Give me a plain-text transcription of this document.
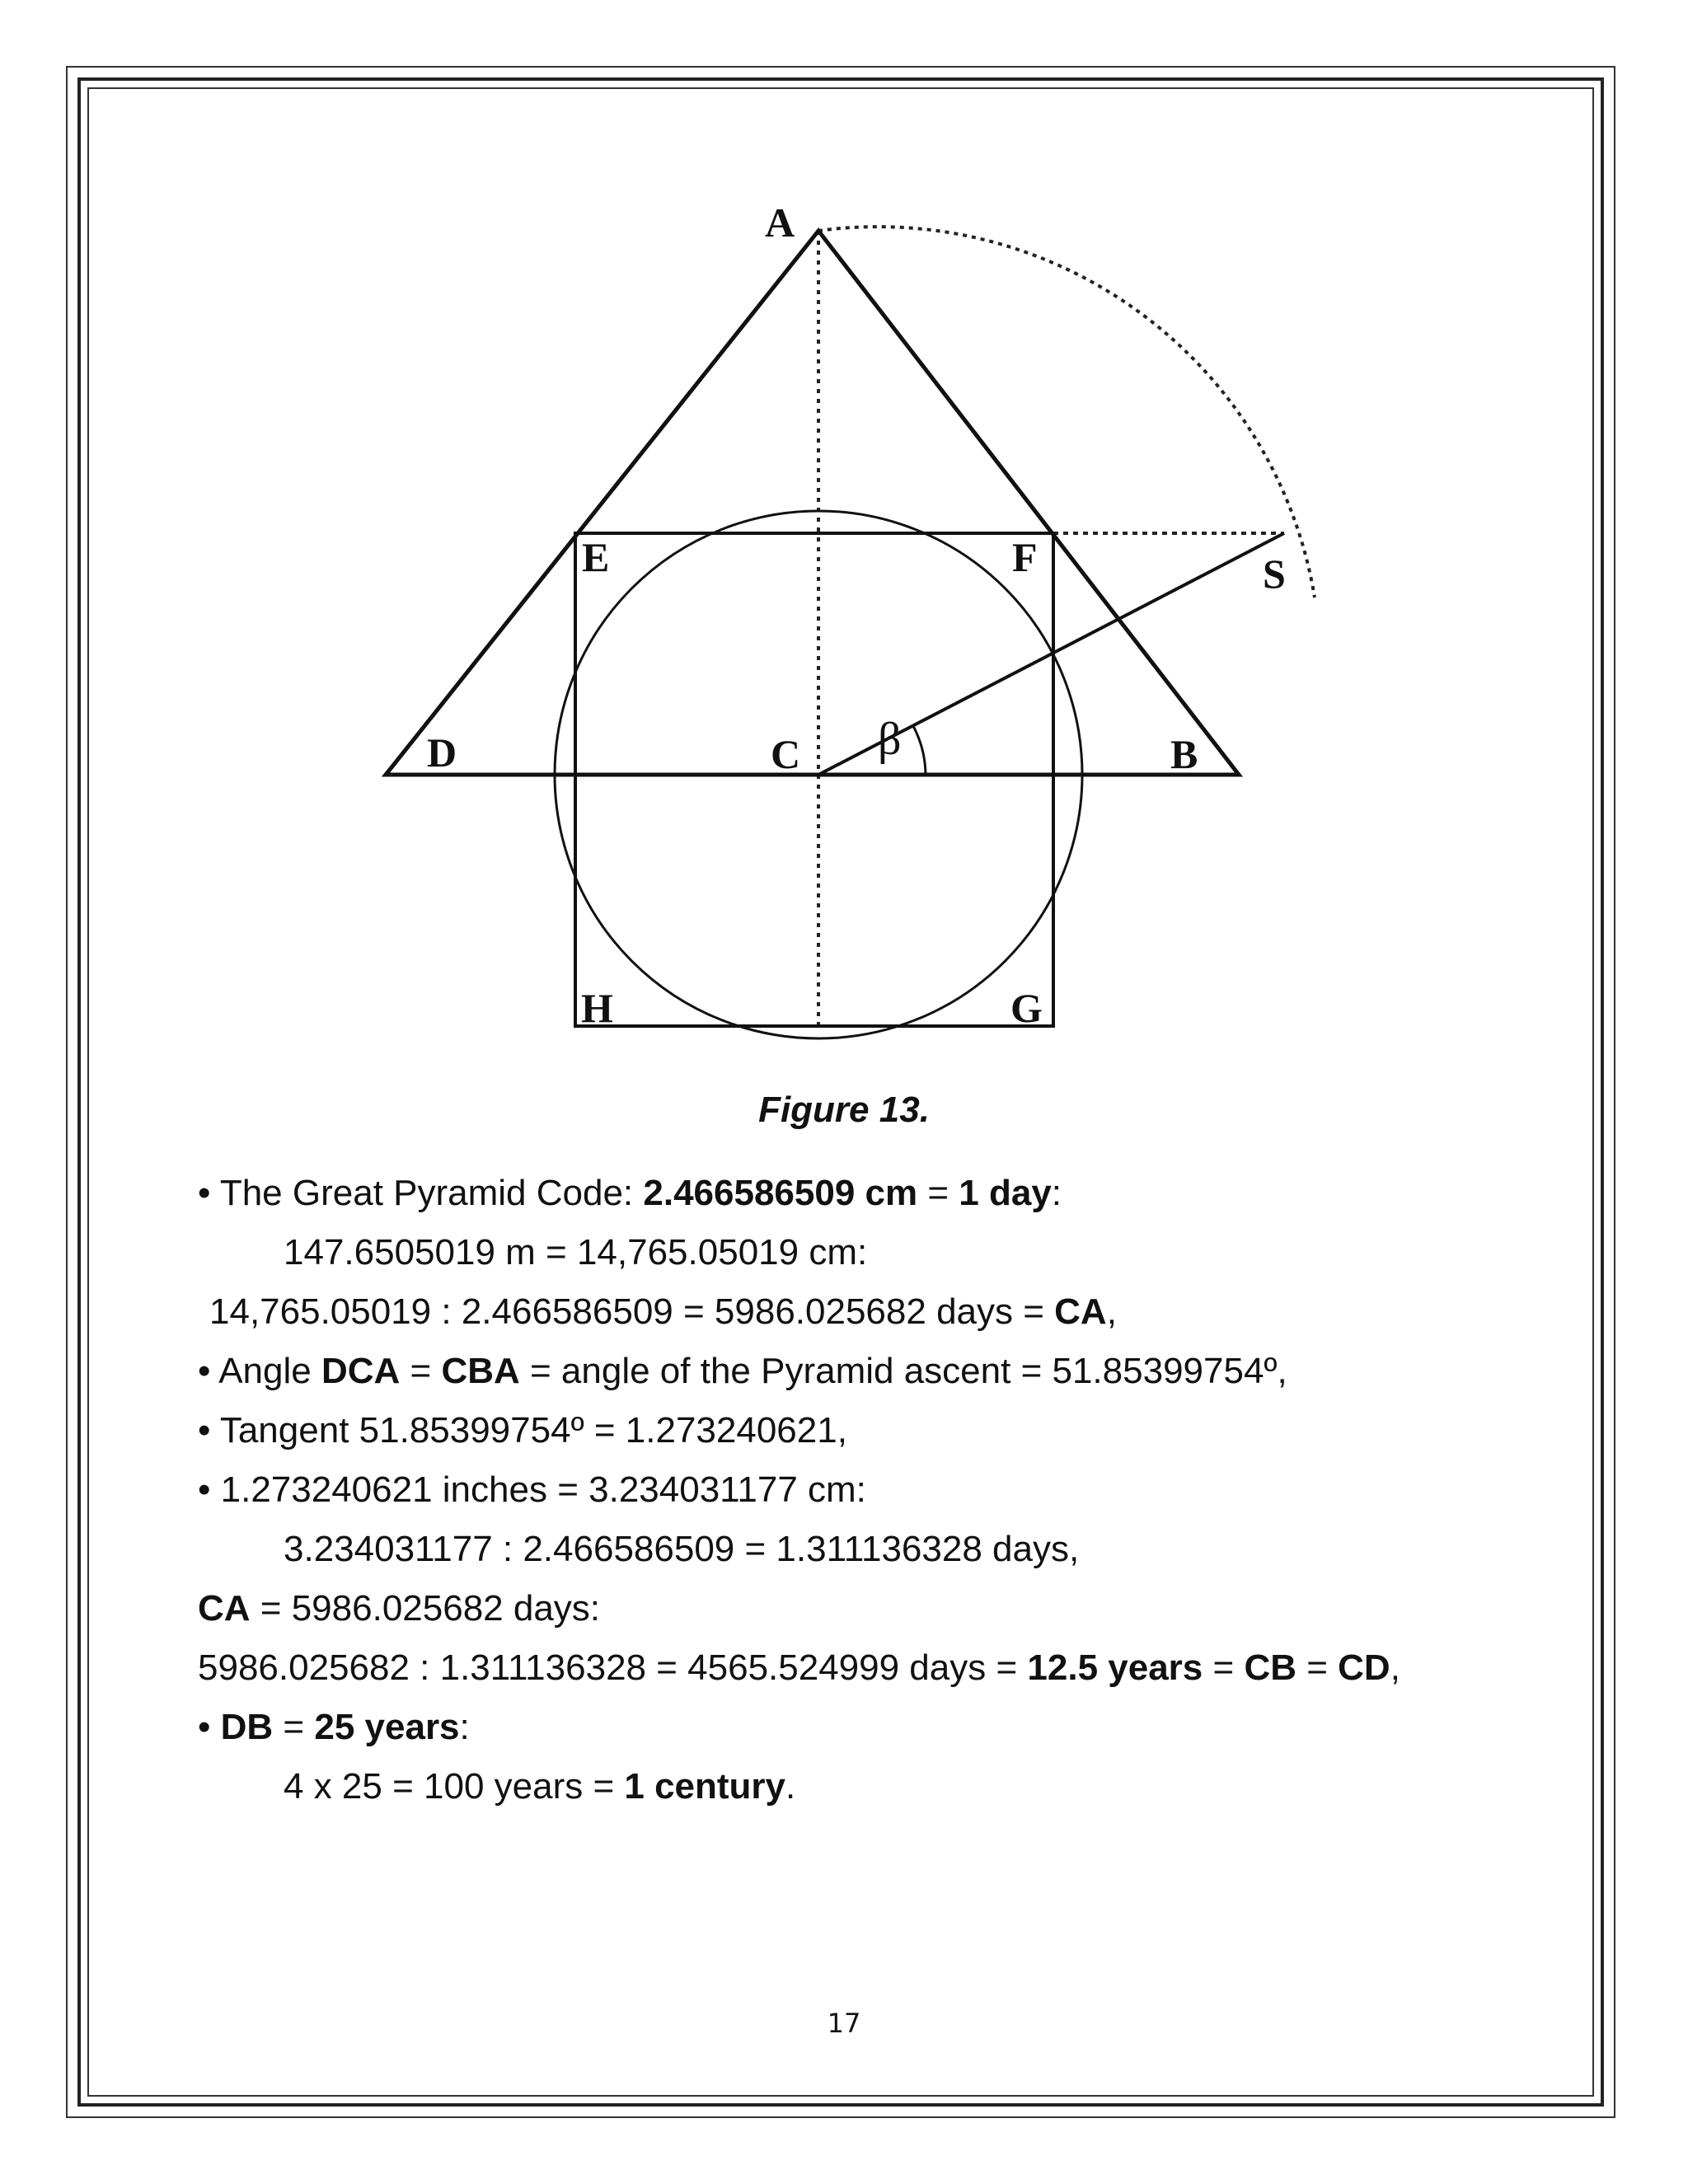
A
B
C
D
E	F
G
H
S
β
Figure 13.
• The Great Pyramid Code: 2.466586509 cm = 1 day:
147.6505019 m = 14,765.05019 cm:
14,765.05019 : 2.466586509 = 5986.025682 days = CA,
• Angle DCA = CBA = angle of the Pyramid ascent = 51.85399754º,
• Tangent 51.85399754º = 1.273240621,
• 1.273240621 inches = 3.234031177 cm:
3.234031177 : 2.466586509 = 1.311136328 days,
CA = 5986.025682 days:
5986.025682 : 1.311136328 = 4565.524999 days = 12.5 years = CB = CD,
• DB = 25 years:
4 x 25 = 100 years = 1 century.
17
